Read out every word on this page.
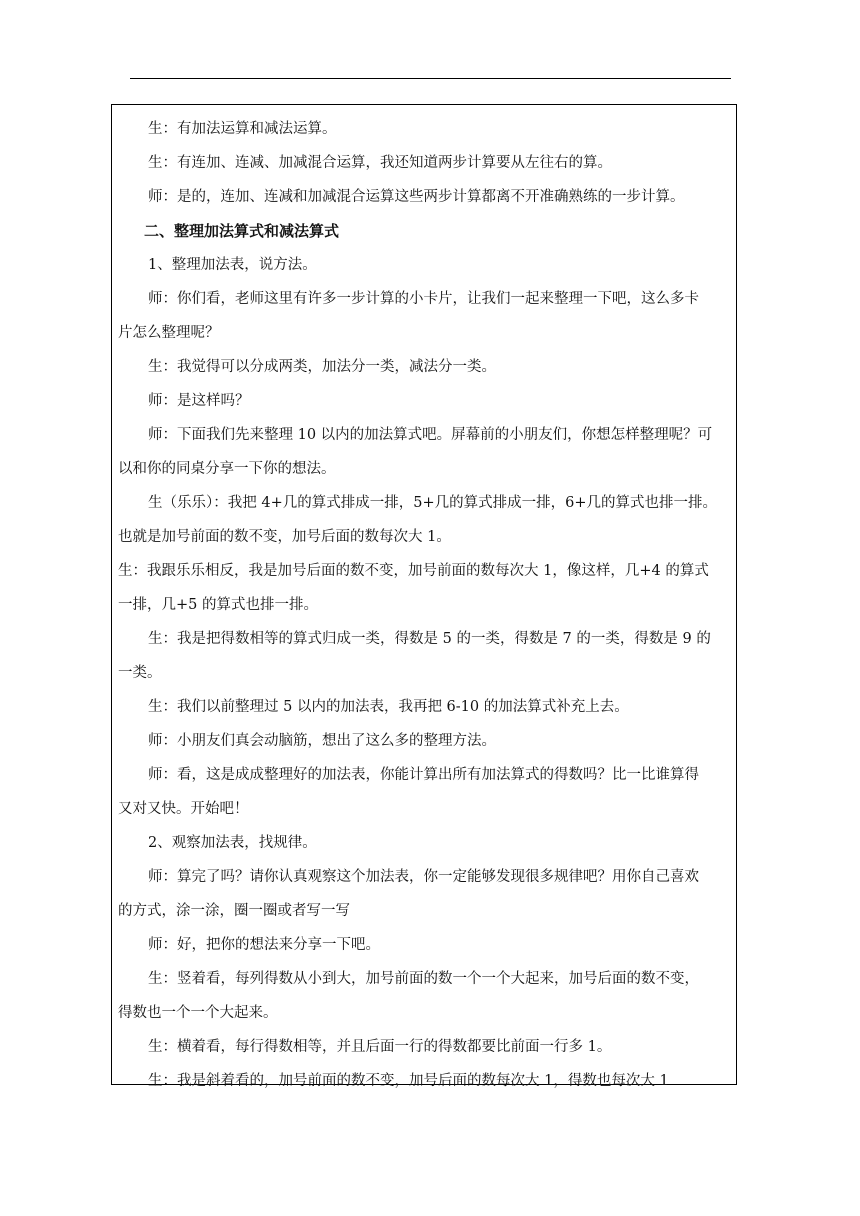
生：有加法运算和减法运算。

生：有连加、连减、加减混合运算，我还知道两步计算要从左往右的算。

师：是的，连加、连减和加减混合运算这些两步计算都离不开准确熟练的一步计算。

二、整理加法算式和减法算式

1、整理加法表，说方法。

师：你们看，老师这里有许多一步计算的小卡片，让我们一起来整理一下吧，这么多卡

片怎么整理呢？

生：我觉得可以分成两类，加法分一类，减法分一类。

师：是这样吗？

师：下面我们先来整理 10 以内的加法算式吧。屏幕前的小朋友们，你想怎样整理呢？可

以和你的同桌分享一下你的想法。

生（乐乐）：我把 4+几的算式排成一排，5+几的算式排成一排，6+几的算式也排一排。

也就是加号前面的数不变，加号后面的数每次大 1。

生：我跟乐乐相反，我是加号后面的数不变，加号前面的数每次大 1，像这样，几+4 的算式

一排，几+5 的算式也排一排。

生：我是把得数相等的算式归成一类，得数是 5 的一类，得数是 7 的一类，得数是 9 的

一类。

生：我们以前整理过 5 以内的加法表，我再把 6-10 的加法算式补充上去。

师：小朋友们真会动脑筋，想出了这么多的整理方法。

师：看，这是成成整理好的加法表，你能计算出所有加法算式的得数吗？比一比谁算得

又对又快。开始吧！

2、观察加法表，找规律。

师：算完了吗？请你认真观察这个加法表，你一定能够发现很多规律吧？用你自己喜欢

的方式，涂一涂，圈一圈或者写一写

师：好，把你的想法来分享一下吧。

生：竖着看，每列得数从小到大，加号前面的数一个一个大起来，加号后面的数不变，

得数也一个一个大起来。

生：横着看，每行得数相等，并且后面一行的得数都要比前面一行多 1。

生：我是斜着看的，加号前面的数不变，加号后面的数每次大 1，得数也每次大 1
